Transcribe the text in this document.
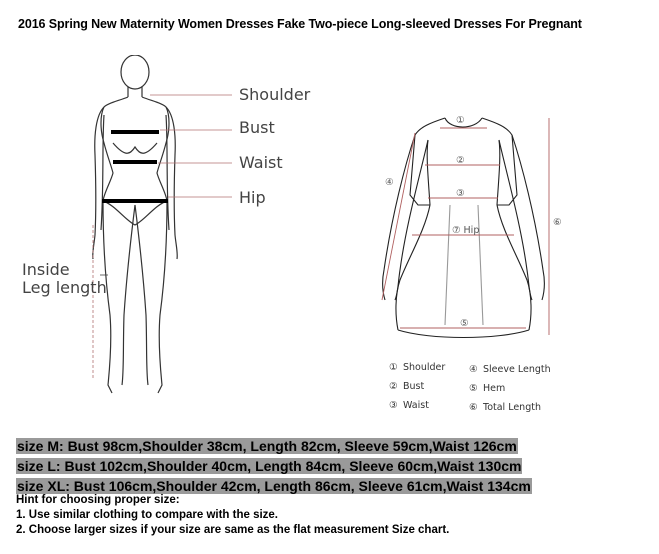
2016 Spring New Maternity Women Dresses Fake Two-piece Long-sleeved Dresses For Pregnant
Shoulder
Bust
Waist
Hip
Inside
Leg length
①
②
③
④
⑤
⑥
⑦ Hip
① Shoulder
② Bust
③ Waist
④ Sleeve Length
⑤ Hem
⑥ Total Length
size M: Bust 98cm,Shoulder 38cm, Length 82cm, Sleeve 59cm,Waist 126cm
size L: Bust 102cm,Shoulder 40cm, Length 84cm, Sleeve 60cm,Waist 130cm
size XL: Bust 106cm,Shoulder 42cm, Length 86cm, Sleeve 61cm,Waist 134cm
Hint for choosing proper size:
1. Use similar clothing to compare with the size.
2. Choose larger sizes if your size are same as the flat measurement Size chart.
